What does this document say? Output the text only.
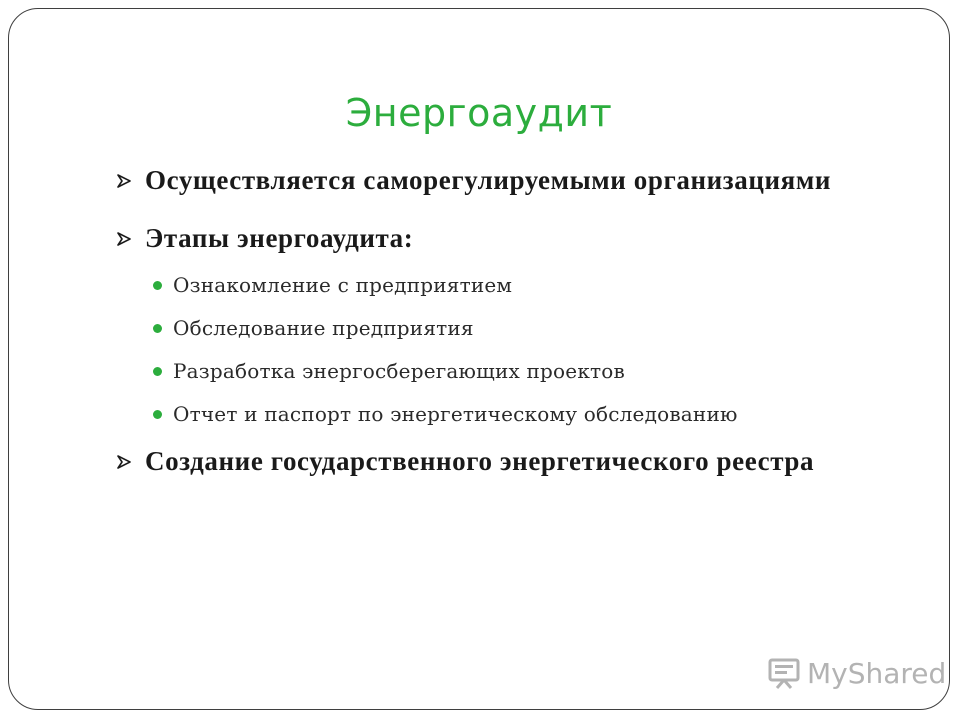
Энергоаудит
Осуществляется саморегулируемыми организациями
Этапы энергоаудита:
Ознакомление с предприятием
Обследование предприятия
Разработка энергосберегающих проектов
Отчет и паспорт по энергетическому обследованию
Создание государственного энергетического реестра
MyShared
